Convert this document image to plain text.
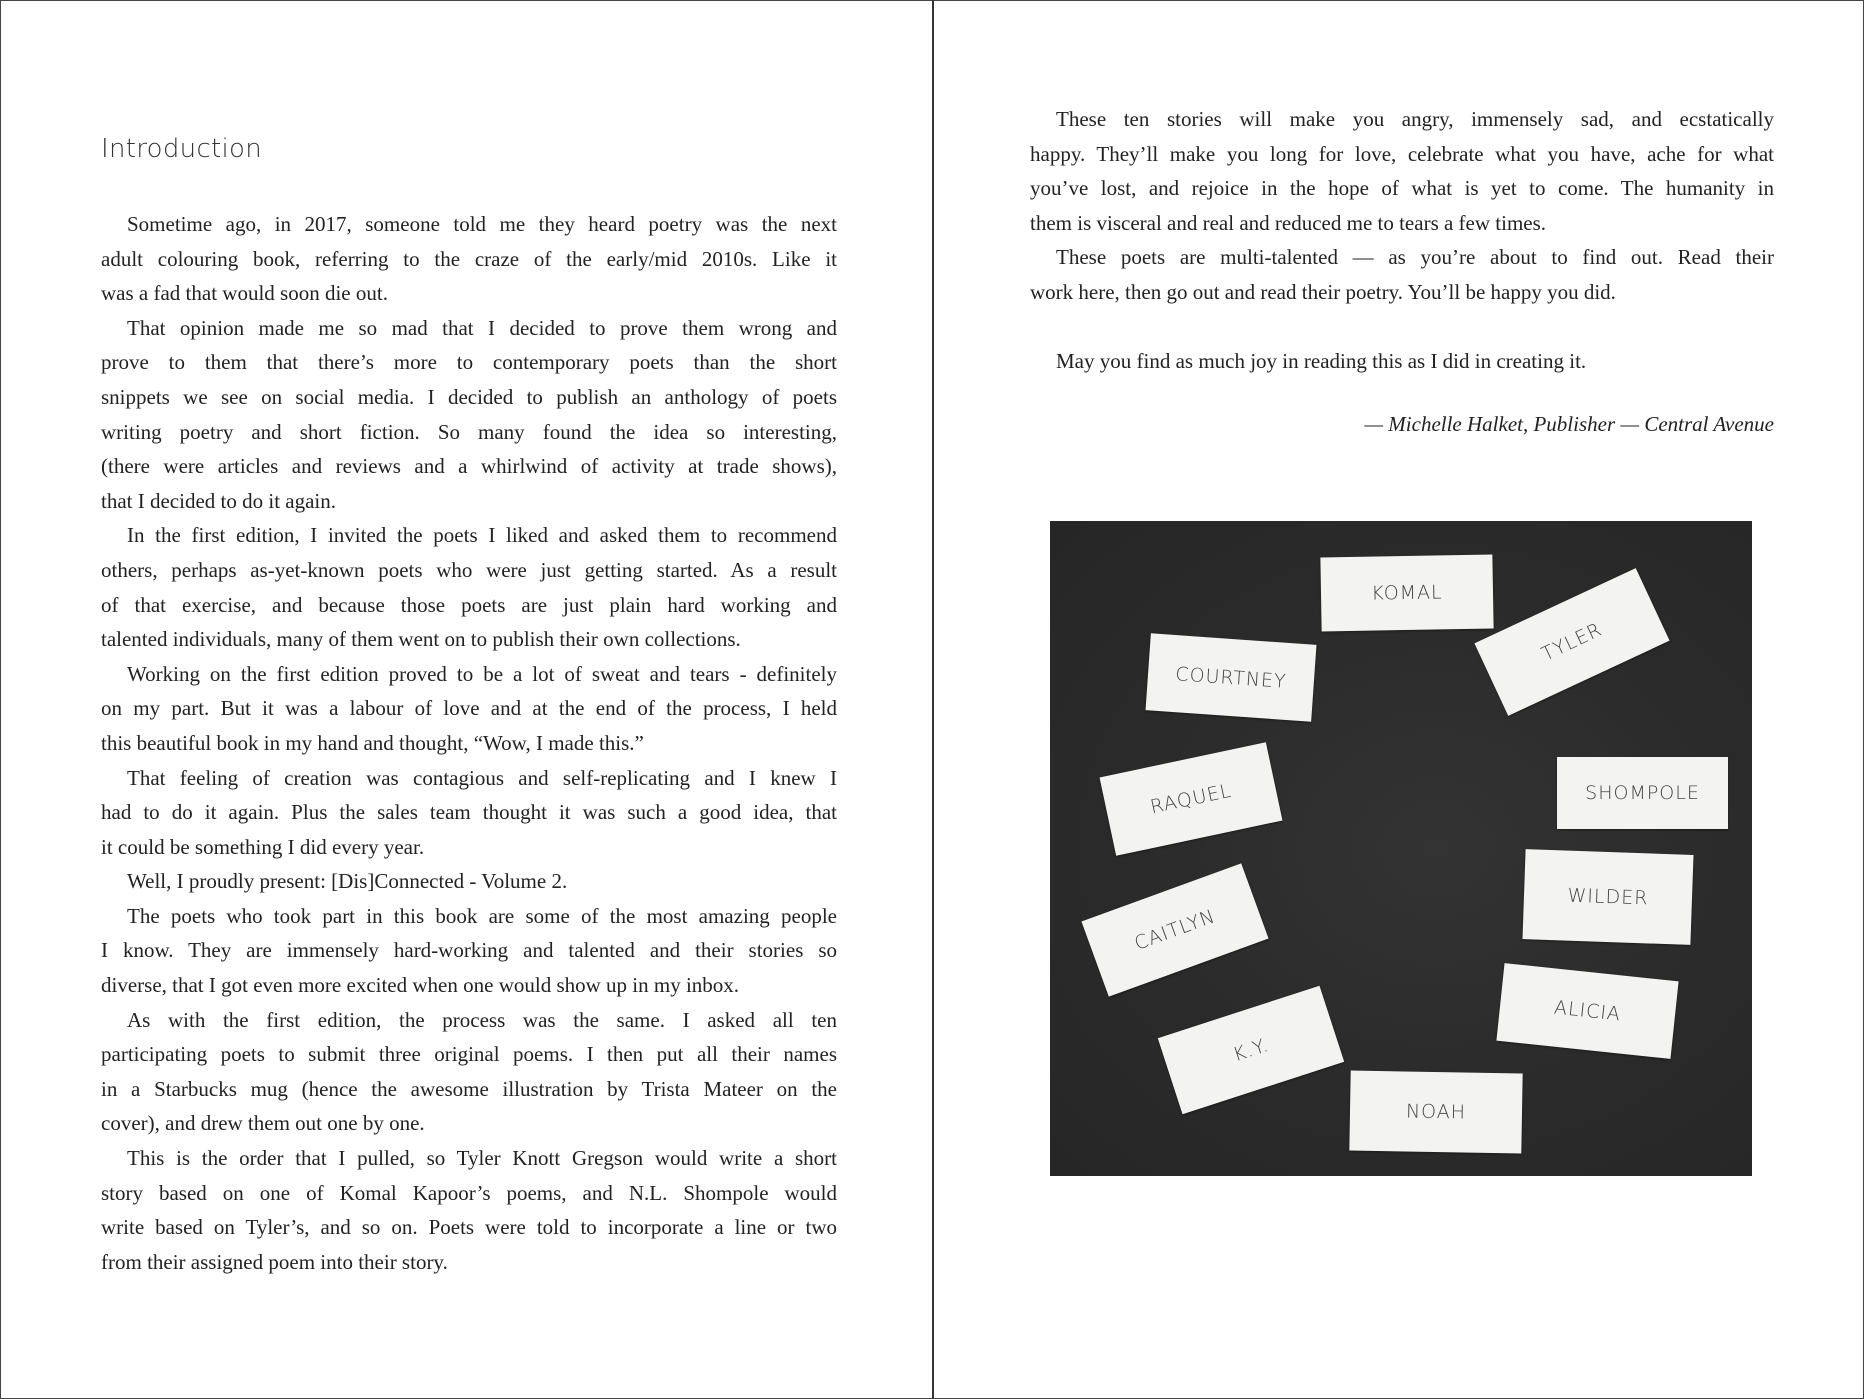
Introduction
Sometime ago, in 2017, someone told me they heard poetry was the next
adult colouring book, referring to the craze of the early/mid 2010s. Like it
was a fad that would soon die out.
That opinion made me so mad that I decided to prove them wrong and
prove to them that there’s more to contemporary poets than the short
snippets we see on social media. I decided to publish an anthology of poets
writing poetry and short fiction. So many found the idea so interesting,
(there were articles and reviews and a whirlwind of activity at trade shows),
that I decided to do it again.
In the first edition, I invited the poets I liked and asked them to recommend
others, perhaps as-yet-known poets who were just getting started. As a result
of that exercise, and because those poets are just plain hard working and
talented individuals, many of them went on to publish their own collections.
Working on the first edition proved to be a lot of sweat and tears - definitely
on my part. But it was a labour of love and at the end of the process, I held
this beautiful book in my hand and thought, “Wow, I made this.”
That feeling of creation was contagious and self-replicating and I knew I
had to do it again. Plus the sales team thought it was such a good idea, that
it could be something I did every year.
Well, I proudly present: [Dis]Connected - Volume 2.
The poets who took part in this book are some of the most amazing people
I know. They are immensely hard-working and talented and their stories so
diverse, that I got even more excited when one would show up in my inbox.
As with the first edition, the process was the same. I asked all ten
participating poets to submit three original poems. I then put all their names
in a Starbucks mug (hence the awesome illustration by Trista Mateer on the
cover), and drew them out one by one.
This is the order that I pulled, so Tyler Knott Gregson would write a short
story based on one of Komal Kapoor’s poems, and N.L. Shompole would
write based on Tyler’s, and so on. Poets were told to incorporate a line or two
from their assigned poem into their story.
These ten stories will make you angry, immensely sad, and ecstatically
happy. They’ll make you long for love, celebrate what you have, ache for what
you’ve lost, and rejoice in the hope of what is yet to come. The humanity in
them is visceral and real and reduced me to tears a few times.
These poets are multi-talented — as you’re about to find out. Read their
work here, then go out and read their poetry. You’ll be happy you did.
May you find as much joy in reading this as I did in creating it.
— Michelle Halket, Publisher — Central Avenue
KOMAL
COURTNEY
TYLER
SHOMPOLE
RAQUEL
WILDER
CAITLYN
ALICIA
K.Y.
NOAH
